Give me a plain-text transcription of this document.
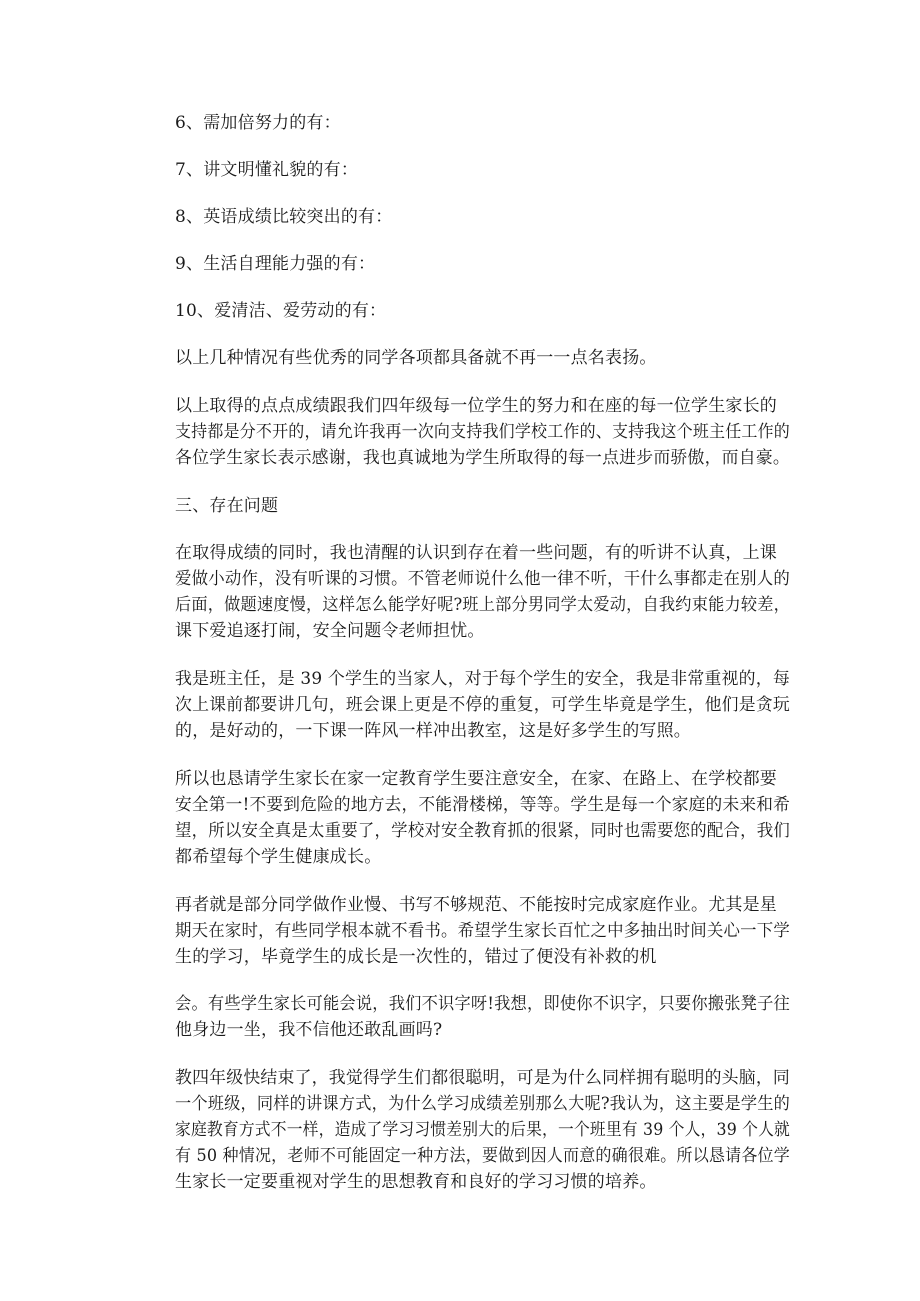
6、需加倍努力的有：
7、讲文明懂礼貌的有：
8、英语成绩比较突出的有：
9、生活自理能力强的有：
10、爱清洁、爱劳动的有：
以上几种情况有些优秀的同学各项都具备就不再一一点名表扬。
以上取得的点点成绩跟我们四年级每一位学生的努力和在座的每一位学生家长的
支持都是分不开的，请允许我再一次向支持我们学校工作的、支持我这个班主任工作的
各位学生家长表示感谢，我也真诚地为学生所取得的每一点进步而骄傲，而自豪。
三、存在问题
在取得成绩的同时，我也清醒的认识到存在着一些问题，有的听讲不认真，上课
爱做小动作，没有听课的习惯。不管老师说什么他一律不听，干什么事都走在别人的
后面，做题速度慢，这样怎么能学好呢?班上部分男同学太爱动，自我约束能力较差，
课下爱追逐打闹，安全问题令老师担忧。
我是班主任，是 39 个学生的当家人，对于每个学生的安全，我是非常重视的，每
次上课前都要讲几句，班会课上更是不停的重复，可学生毕竟是学生，他们是贪玩
的，是好动的，一下课一阵风一样冲出教室，这是好多学生的写照。
所以也恳请学生家长在家一定教育学生要注意安全，在家、在路上、在学校都要
安全第一!不要到危险的地方去，不能滑楼梯，等等。学生是每一个家庭的未来和希
望，所以安全真是太重要了，学校对安全教育抓的很紧，同时也需要您的配合，我们
都希望每个学生健康成长。
再者就是部分同学做作业慢、书写不够规范、不能按时完成家庭作业。尤其是星
期天在家时，有些同学根本就不看书。希望学生家长百忙之中多抽出时间关心一下学
生的学习，毕竟学生的成长是一次性的，错过了便没有补救的机
会。有些学生家长可能会说，我们不识字呀!我想，即使你不识字，只要你搬张凳子往
他身边一坐，我不信他还敢乱画吗?
教四年级快结束了，我觉得学生们都很聪明，可是为什么同样拥有聪明的头脑，同
一个班级，同样的讲课方式，为什么学习成绩差别那么大呢?我认为，这主要是学生的
家庭教育方式不一样，造成了学习习惯差别大的后果，一个班里有 39 个人，39 个人就
有 50 种情况，老师不可能固定一种方法，要做到因人而意的确很难。所以恳请各位学
生家长一定要重视对学生的思想教育和良好的学习习惯的培养。
